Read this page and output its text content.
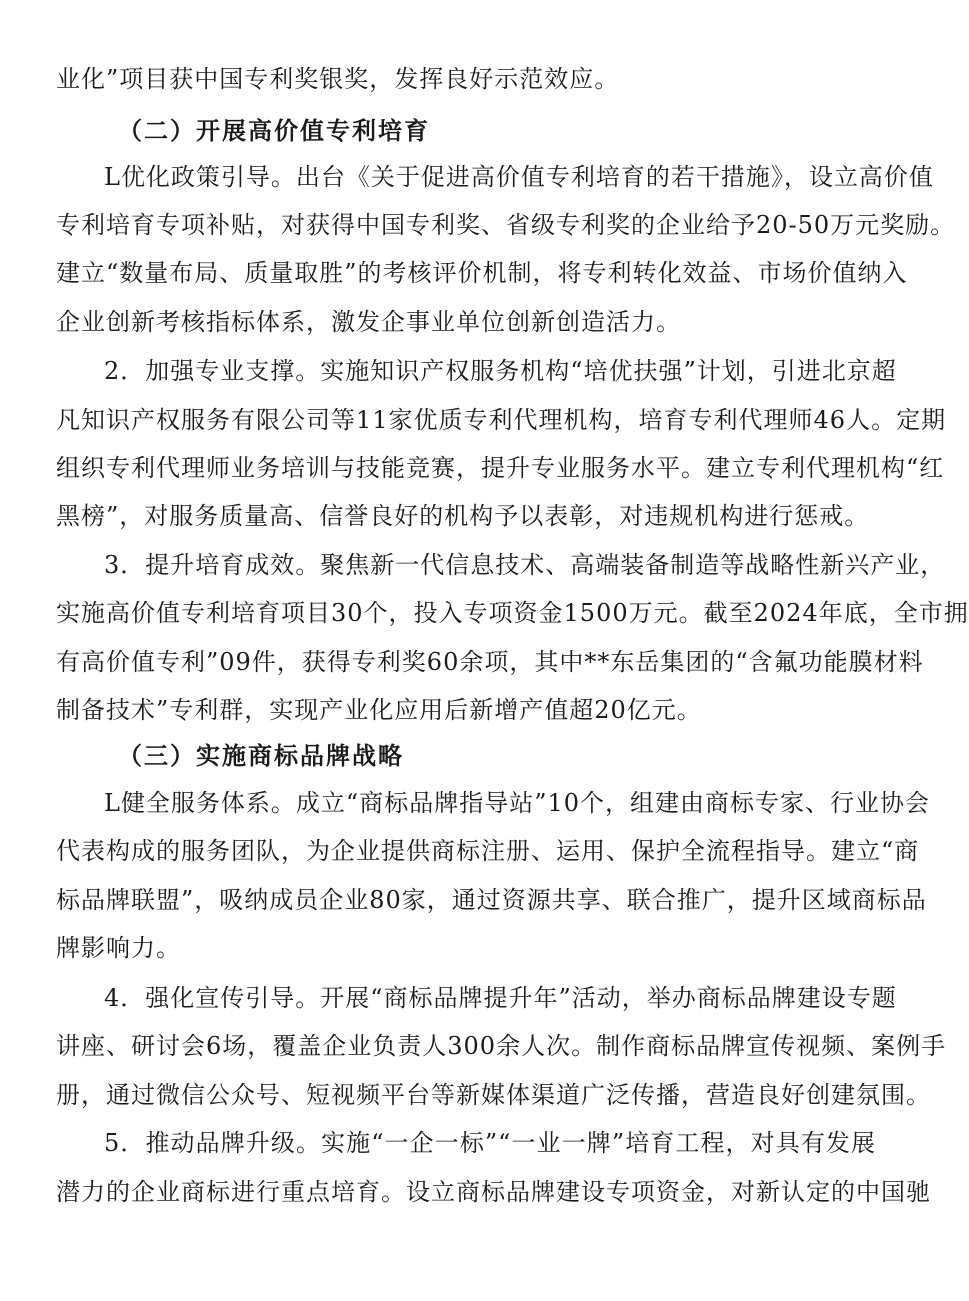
业化”项目获中国专利奖银奖，发挥良好示范效应。
（二）开展高价值专利培育
L优化政策引导。出台《关于促进高价值专利培育的若干措施》，设立高价值
专利培育专项补贴，对获得中国专利奖、省级专利奖的企业给予20-50万元奖励。
建立“数量布局、质量取胜”的考核评价机制，将专利转化效益、市场价值纳入
企业创新考核指标体系，激发企事业单位创新创造活力。
2．加强专业支撑。实施知识产权服务机构“培优扶强”计划，引进北京超
凡知识产权服务有限公司等11家优质专利代理机构，培育专利代理师46人。定期
组织专利代理师业务培训与技能竞赛，提升专业服务水平。建立专利代理机构“红
黑榜”，对服务质量高、信誉良好的机构予以表彰，对违规机构进行惩戒。
3．提升培育成效。聚焦新一代信息技术、高端装备制造等战略性新兴产业，
实施高价值专利培育项目30个，投入专项资金1500万元。截至2024年底，全市拥
有高价值专利”09件，获得专利奖60余项，其中**东岳集团的“含氟功能膜材料
制备技术”专利群，实现产业化应用后新增产值超20亿元。
（三）实施商标品牌战略
L健全服务体系。成立“商标品牌指导站”10个，组建由商标专家、行业协会
代表构成的服务团队，为企业提供商标注册、运用、保护全流程指导。建立“商
标品牌联盟”，吸纳成员企业80家，通过资源共享、联合推广，提升区域商标品
牌影响力。
4．强化宣传引导。开展“商标品牌提升年”活动，举办商标品牌建设专题
讲座、研讨会6场，覆盖企业负责人300余人次。制作商标品牌宣传视频、案例手
册，通过微信公众号、短视频平台等新媒体渠道广泛传播，营造良好创建氛围。
5．推动品牌升级。实施“一企一标”“一业一牌”培育工程，对具有发展
潜力的企业商标进行重点培育。设立商标品牌建设专项资金，对新认定的中国驰
